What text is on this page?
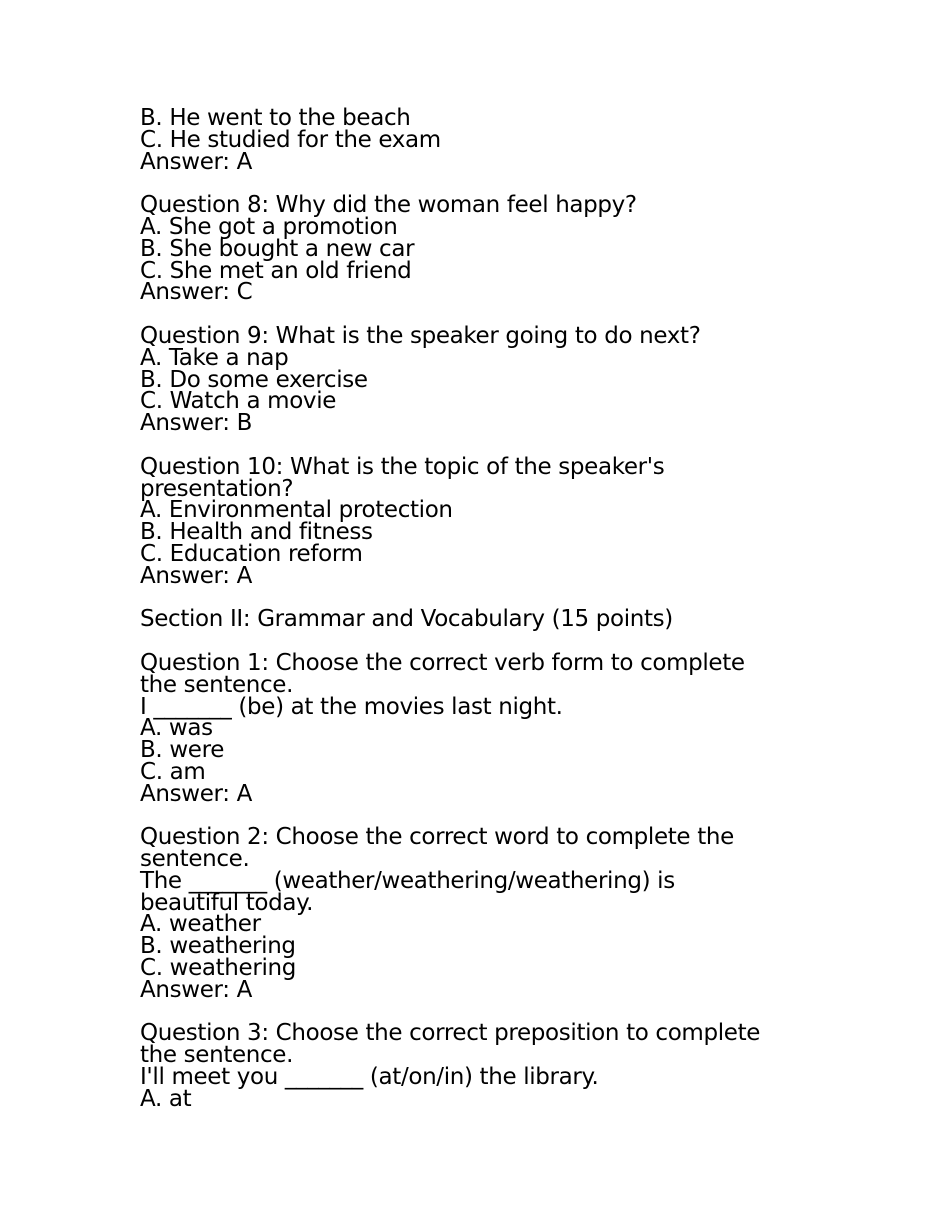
B. He went to the beach
C. He studied for the exam
Answer: A
Question 8: Why did the woman feel happy?
A. She got a promotion
B. She bought a new car
C. She met an old friend
Answer: C
Question 9: What is the speaker going to do next?
A. Take a nap
B. Do some exercise
C. Watch a movie
Answer: B
Question 10: What is the topic of the speaker's
presentation?
A. Environmental protection
B. Health and fitness
C. Education reform
Answer: A
Section II: Grammar and Vocabulary (15 points)
Question 1: Choose the correct verb form to complete
the sentence.
I _______ (be) at the movies last night.
A. was
B. were
C. am
Answer: A
Question 2: Choose the correct word to complete the
sentence.
The _______ (weather/weathering/weathering) is
beautiful today.
A. weather
B. weathering
C. weathering
Answer: A
Question 3: Choose the correct preposition to complete
the sentence.
I'll meet you _______ (at/on/in) the library.
A. at
